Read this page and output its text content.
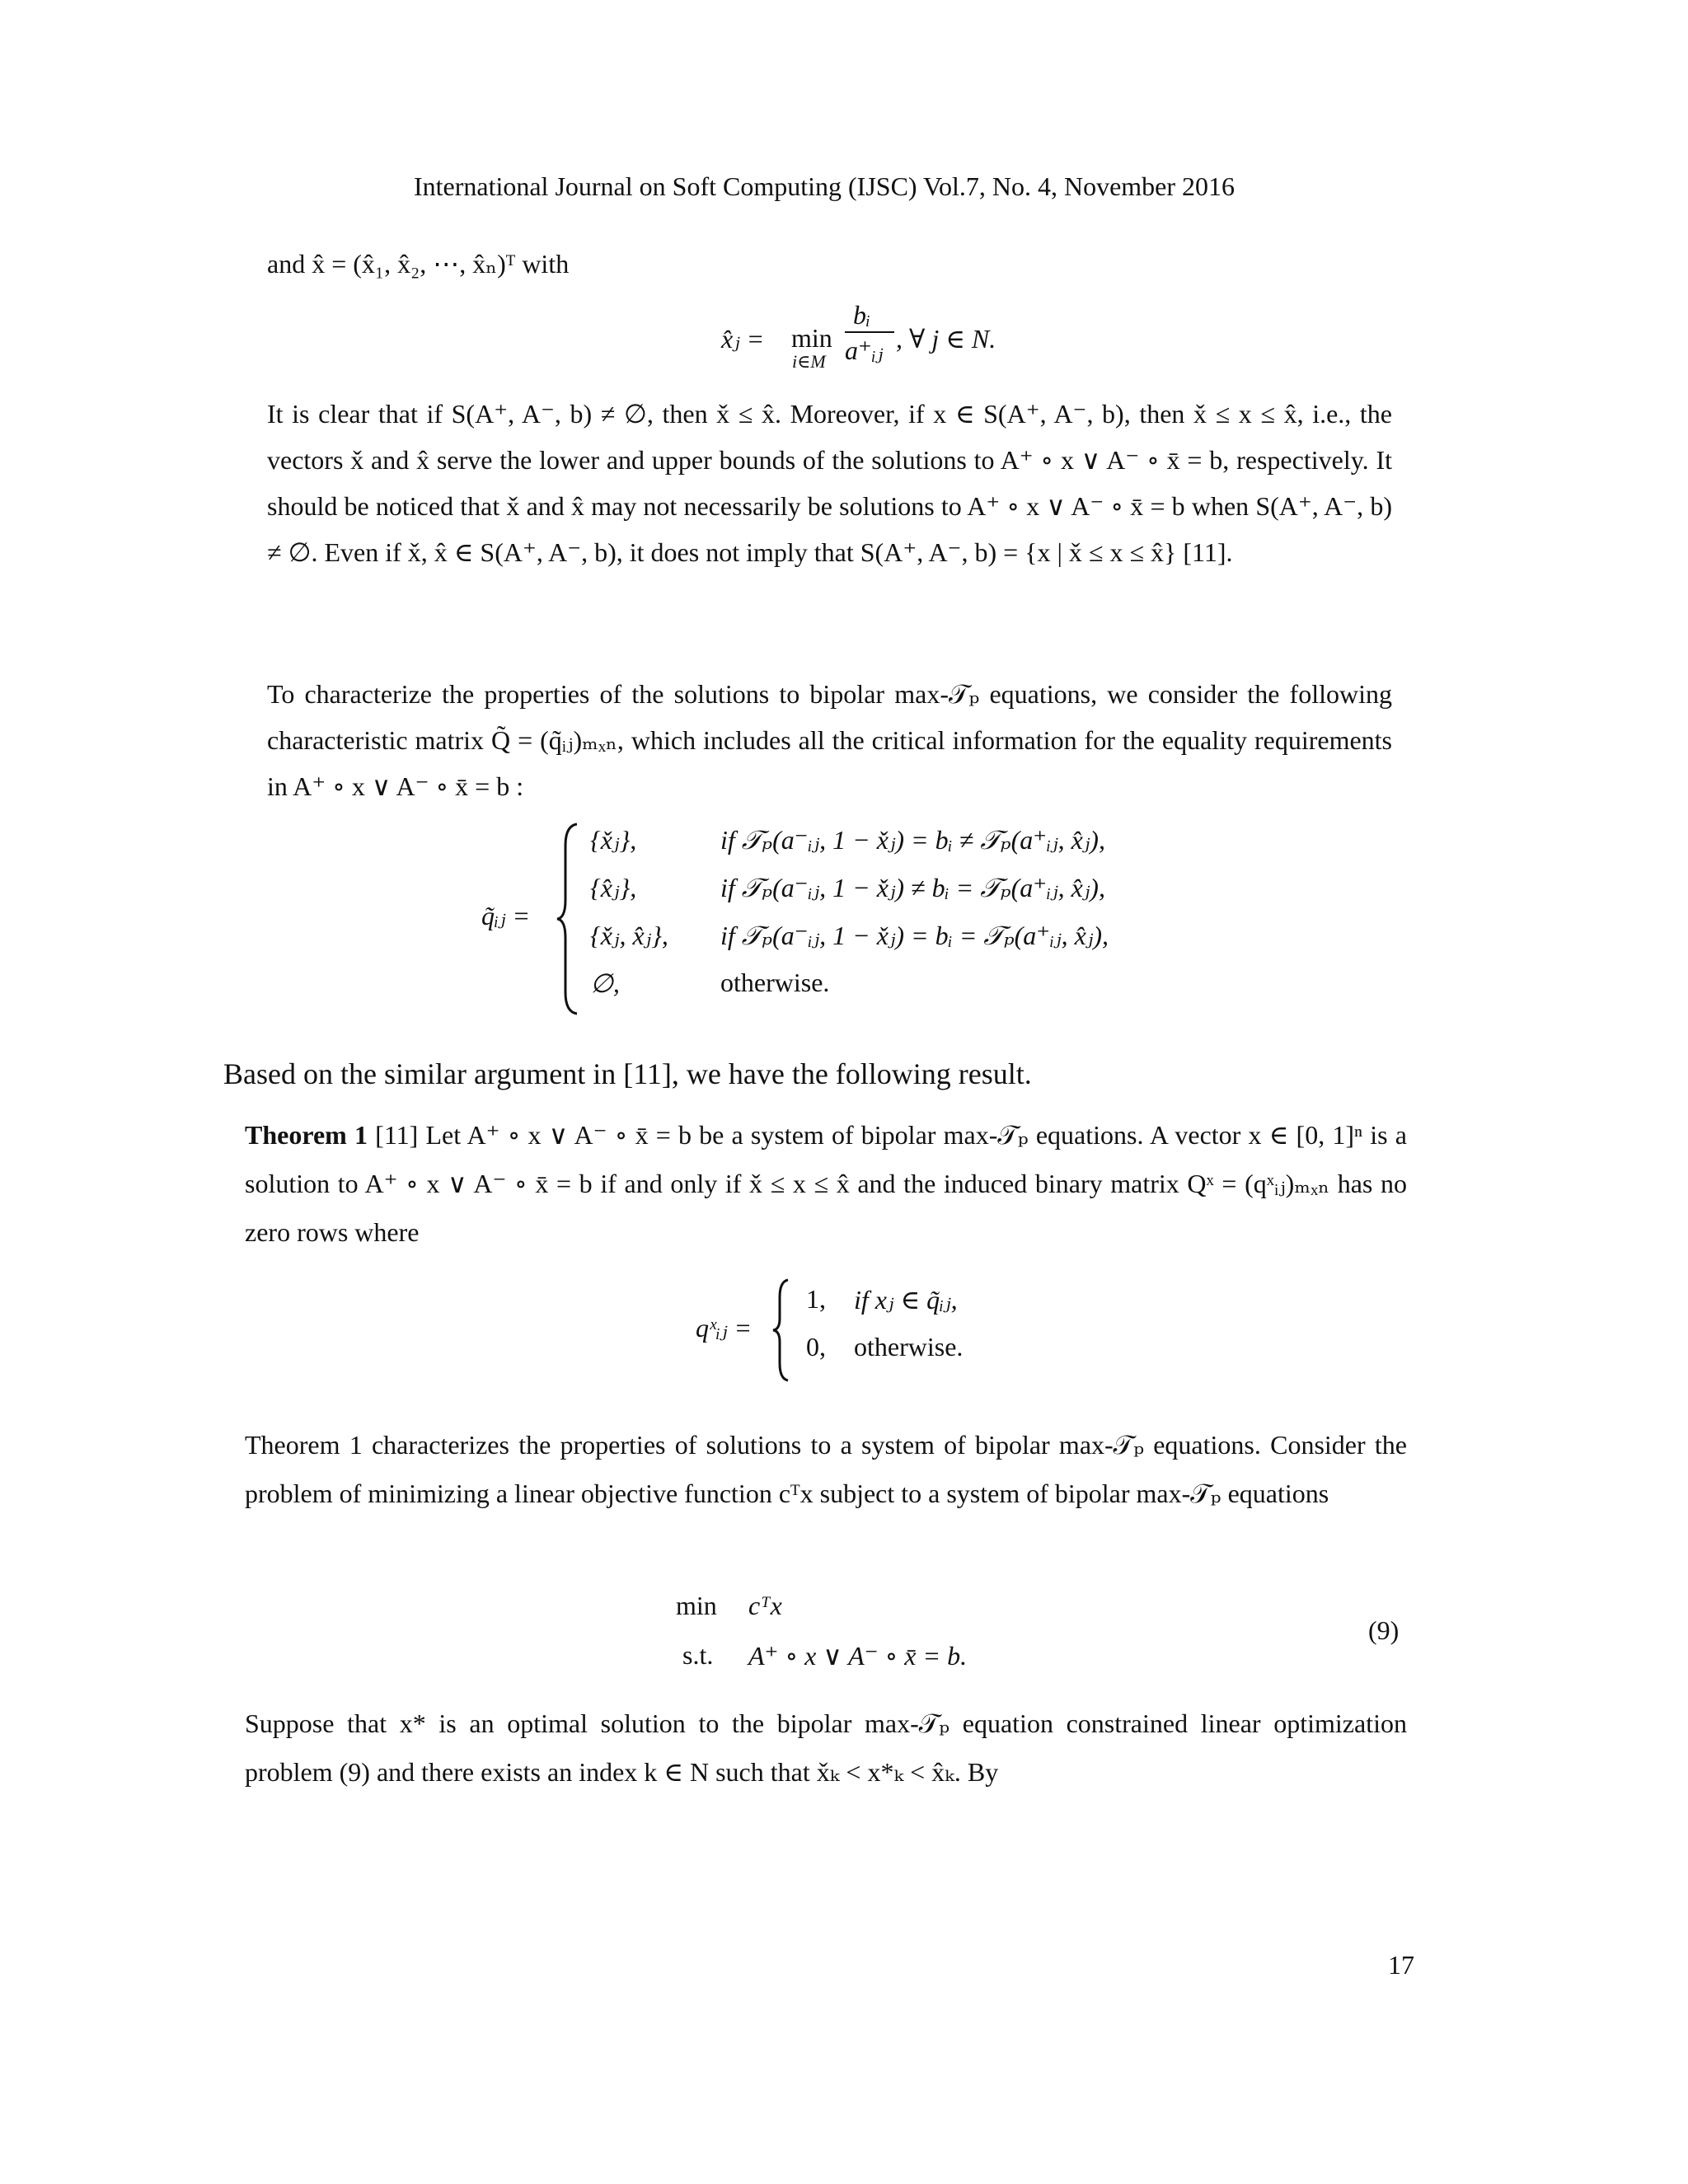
International Journal on Soft Computing (IJSC) Vol.7, No. 4, November 2016
and x̂ = (x̂₁, x̂₂, ⋯, x̂ₙ)ᵀ with
x̂ⱼ = min
i∈M
bᵢ
a⁺ᵢⱼ , ∀ j ∈ N.
It is clear that if S(A⁺, A⁻, b) ≠ ∅, then x̌ ≤ x̂. Moreover, if x ∈ S(A⁺, A⁻, b), then x̌ ≤ x ≤ x̂, i.e., the vectors x̌ and x̂ serve the lower and upper bounds of the solutions to A⁺ ∘ x ∨ A⁻ ∘ x̄ = b, respectively. It should be noticed that x̌ and x̂ may not necessarily be solutions to A⁺ ∘ x ∨ A⁻ ∘ x̄ = b when S(A⁺, A⁻, b) ≠ ∅. Even if x̌, x̂ ∈ S(A⁺, A⁻, b), it does not imply that S(A⁺, A⁻, b) = {x | x̌ ≤ x ≤ x̂} [11].
To characterize the properties of the solutions to bipolar max-𝒯ₚ equations, we consider the following characteristic matrix Q̃ = (q̃ᵢⱼ)ₘₓₙ, which includes all the critical information for the equality requirements in A⁺ ∘ x ∨ A⁻ ∘ x̄ = b :
q̃ᵢⱼ =
{x̌ⱼ},	if 𝒯ₚ(a⁻ᵢⱼ, 1 − x̌ⱼ) = bᵢ ≠ 𝒯ₚ(a⁺ᵢⱼ, x̂ⱼ),
{x̂ⱼ},	if 𝒯ₚ(a⁻ᵢⱼ, 1 − x̌ⱼ) ≠ bᵢ = 𝒯ₚ(a⁺ᵢⱼ, x̂ⱼ),
{x̌ⱼ, x̂ⱼ}, if 𝒯ₚ(a⁻ᵢⱼ, 1 − x̌ⱼ) = bᵢ = 𝒯ₚ(a⁺ᵢⱼ, x̂ⱼ),
∅,	otherwise.
Based on the similar argument in [11], we have the following result.
Theorem 1 [11] Let A⁺ ∘ x ∨ A⁻ ∘ x̄ = b be a system of bipolar max-𝒯ₚ equations. A vector x ∈ [0, 1]ⁿ is a solution to A⁺ ∘ x ∨ A⁻ ∘ x̄ = b if and only if x̌ ≤ x ≤ x̂ and the induced binary matrix Qˣ = (qˣᵢⱼ)ₘₓₙ has no zero rows where
qˣᵢⱼ =
1, if xⱼ ∈ q̃ᵢⱼ,
0, otherwise.
Theorem 1 characterizes the properties of solutions to a system of bipolar max-𝒯ₚ equations. Consider the problem of minimizing a linear objective function cᵀx subject to a system of bipolar max-𝒯ₚ equations
min cᵀx
s.t. A⁺ ∘ x ∨ A⁻ ∘ x̄ = b.
(9)
Suppose that x* is an optimal solution to the bipolar max-𝒯ₚ equation constrained linear optimization problem (9) and there exists an index k ∈ N such that x̌ₖ < x*ₖ < x̂ₖ. By
17
